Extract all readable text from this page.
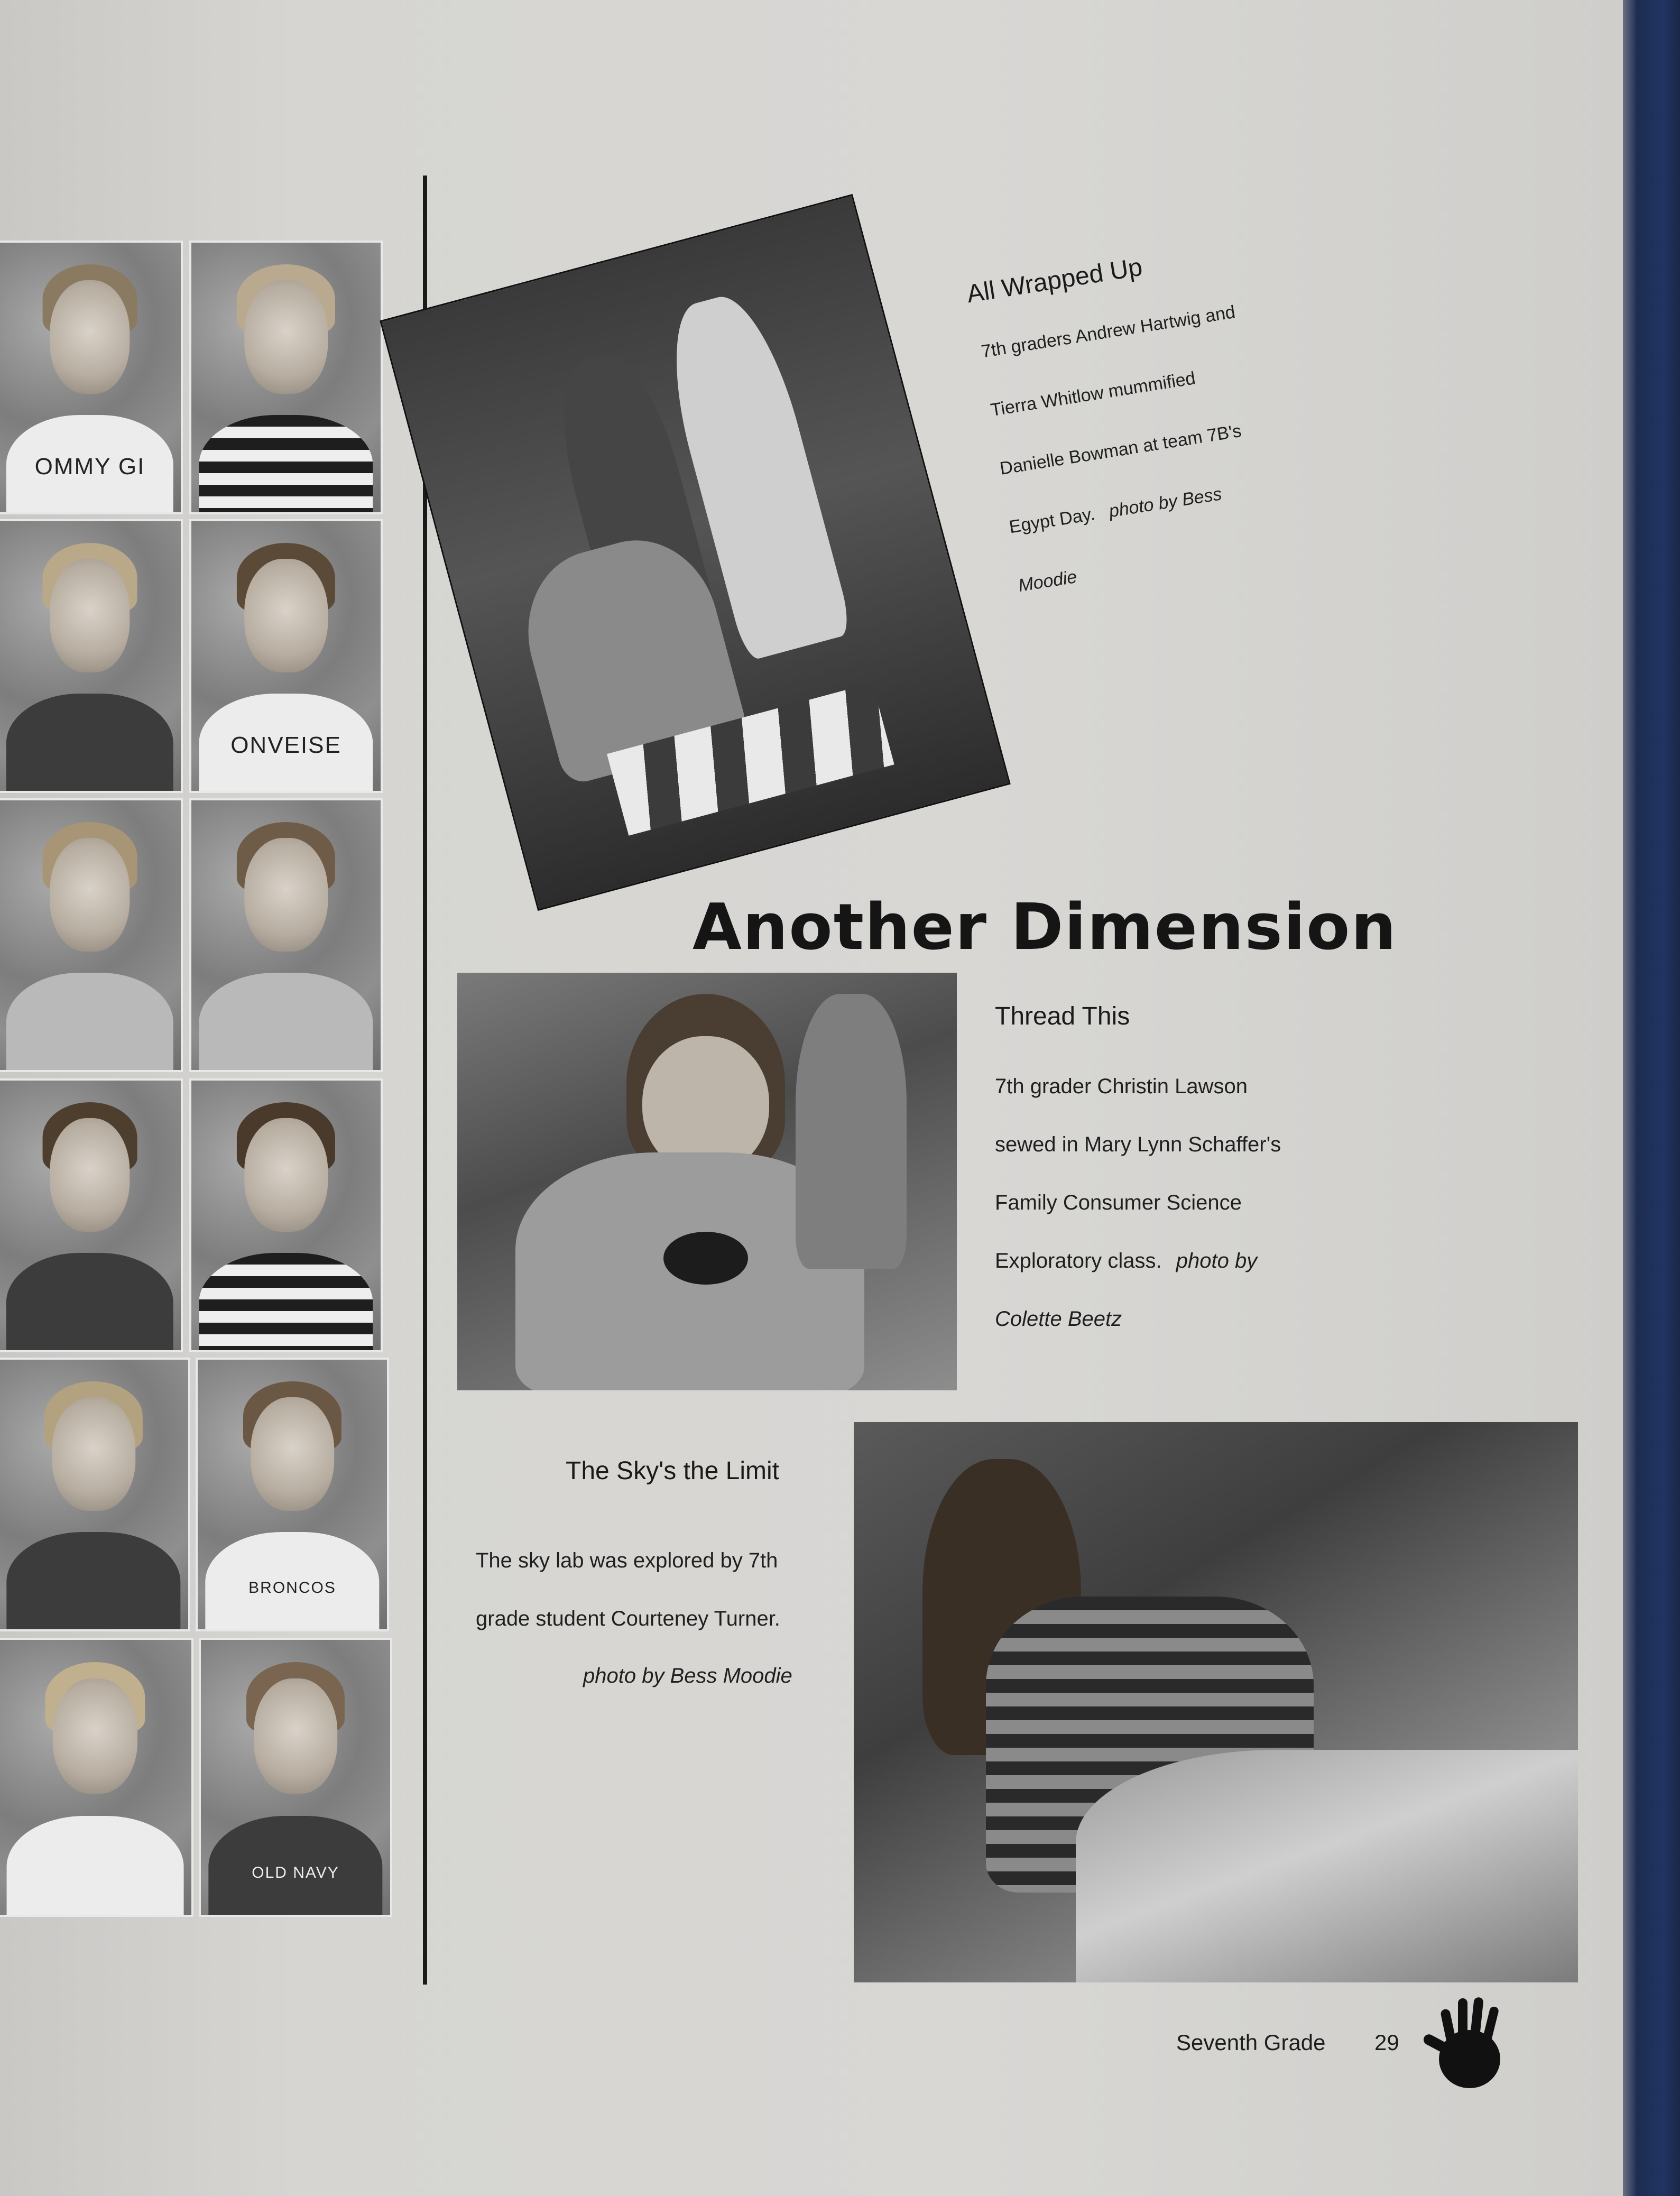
OMMY GI
ONVEISE
BRONCOS
OLD NAVY
All Wrapped Up
7th graders Andrew Hartwig and
Tierra Whitlow mummified
Danielle Bowman at team 7B's
Egypt Day. photo by Bess
Moodie
Another Dimension
Thread This
7th grader Christin Lawson
sewed in Mary Lynn Schaffer's
Family Consumer Science
Exploratory class. photo by
Colette Beetz
The Sky's the Limit
The sky lab was explored by 7th
grade student Courteney Turner.
photo by Bess Moodie
Seventh Grade 29
